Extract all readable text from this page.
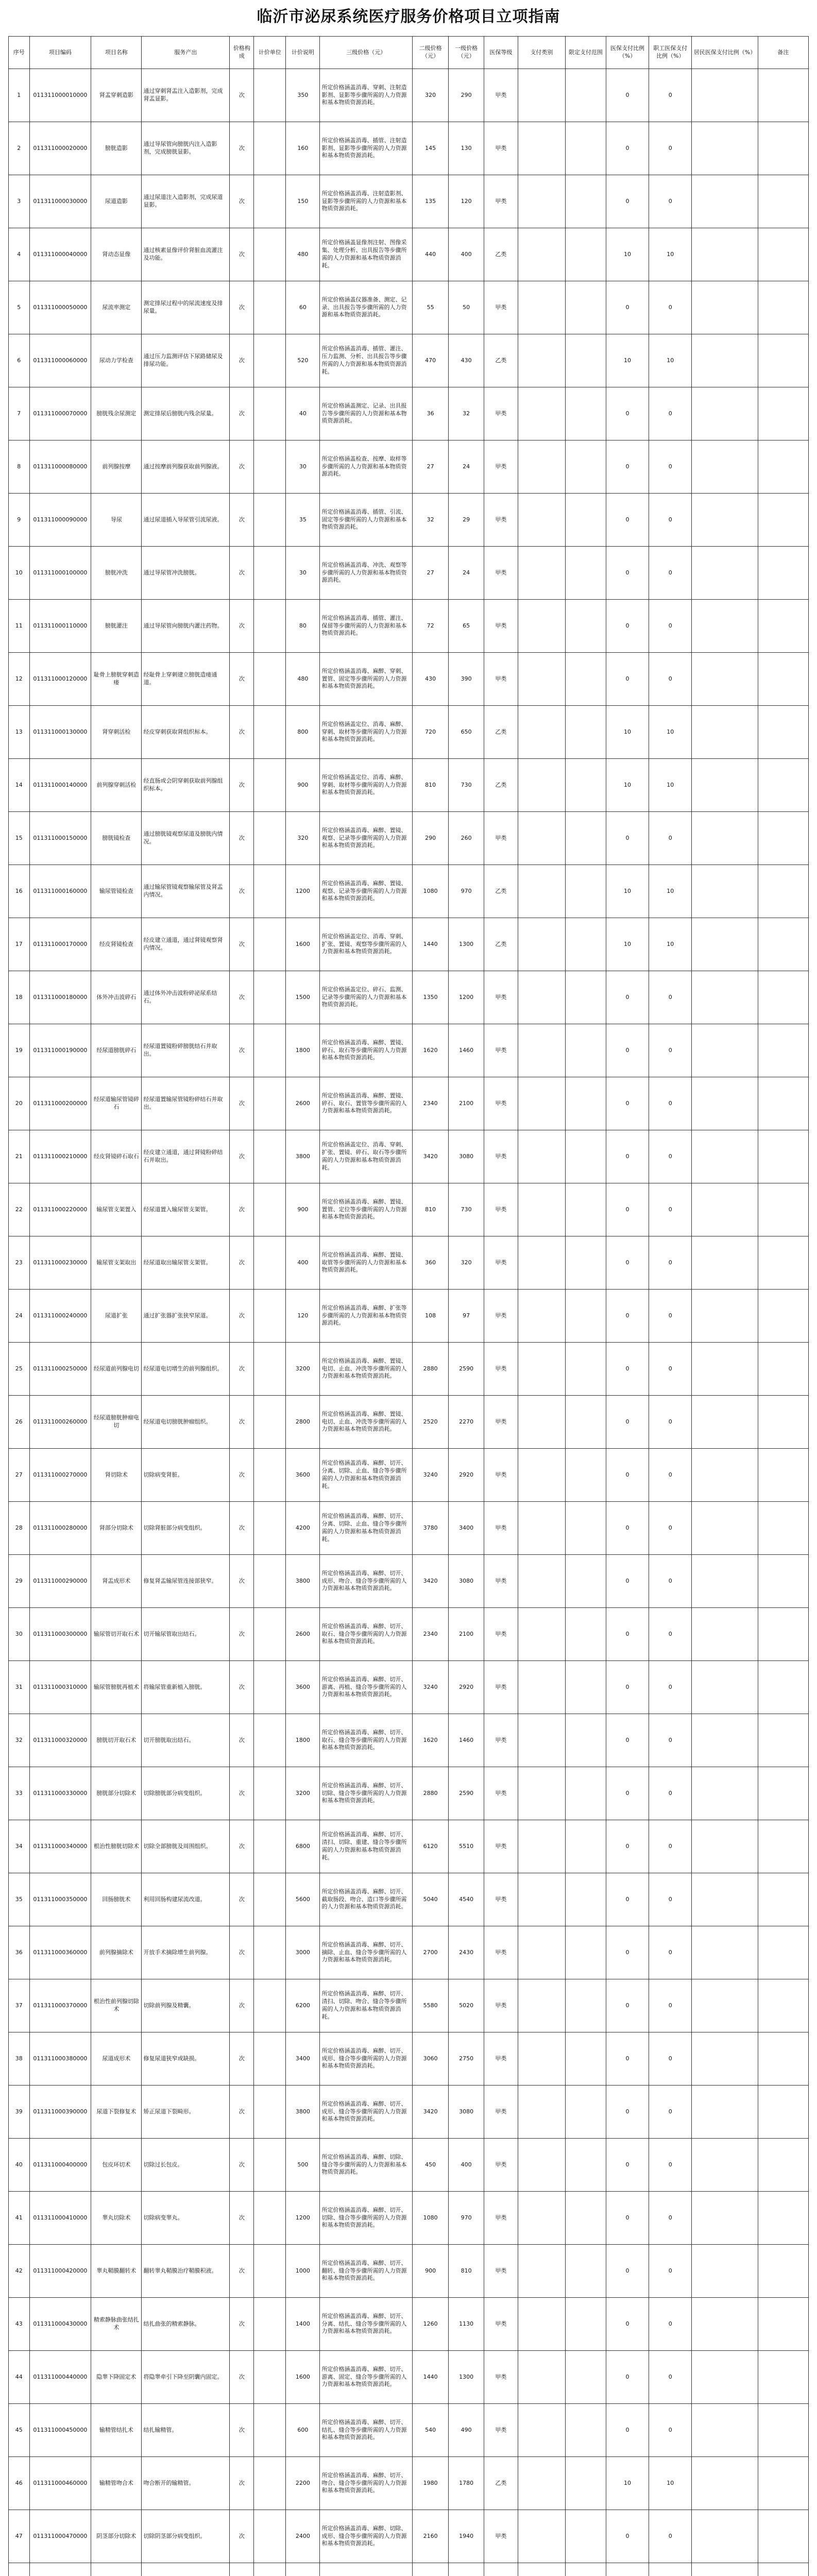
临沂市泌尿系统医疗服务价格项目立项指南
序号	项目编码	项目名称	服务产出	价格构成	计价单位	计价说明	三级价格（元）	二级价格（元）	一级价格（元）	医保等级	支付类别	限定支付范围	医保支付比例（%）	职工医保支付比例（%）	居民医保支付比例（%）	备注
1	011311000010000	肾盂穿刺造影	通过穿刺肾盂注入造影剂，完成肾盂显影。	次		350	所定价格涵盖消毒、穿刺、注射造影剂、显影等步骤所需的人力资源和基本物质资源消耗。	320	290	甲类			0	0		
2	011311000020000	膀胱造影	通过导尿管向膀胱内注入造影剂，完成膀胱显影。	次		160	所定价格涵盖消毒、插管、注射造影剂、显影等步骤所需的人力资源和基本物质资源消耗。	145	130	甲类			0	0		
3	011311000030000	尿道造影	通过尿道注入造影剂，完成尿道显影。	次		150	所定价格涵盖消毒、注射造影剂、显影等步骤所需的人力资源和基本物质资源消耗。	135	120	甲类			0	0		
4	011311000040000	肾动态显像	通过核素显像评价肾脏血流灌注及功能。	次		480	所定价格涵盖显像剂注射、图像采集、处理分析、出具报告等步骤所需的人力资源和基本物质资源消耗。	440	400	乙类			10	10		
5	011311000050000	尿流率测定	测定排尿过程中的尿流速度及排尿量。	次		60	所定价格涵盖仪器准备、测定、记录、出具报告等步骤所需的人力资源和基本物质资源消耗。	55	50	甲类			0	0		
6	011311000060000	尿动力学检查	通过压力监测评估下尿路储尿及排尿功能。	次		520	所定价格涵盖消毒、插管、灌注、压力监测、分析、出具报告等步骤所需的人力资源和基本物质资源消耗。	470	430	乙类			10	10		
7	011311000070000	膀胱残余尿测定	测定排尿后膀胱内残余尿量。	次		40	所定价格涵盖测定、记录、出具报告等步骤所需的人力资源和基本物质资源消耗。	36	32	甲类			0	0		
8	011311000080000	前列腺按摩	通过按摩前列腺获取前列腺液。	次		30	所定价格涵盖检查、按摩、取样等步骤所需的人力资源和基本物质资源消耗。	27	24	甲类			0	0		
9	011311000090000	导尿	通过尿道插入导尿管引流尿液。	次		35	所定价格涵盖消毒、插管、引流、固定等步骤所需的人力资源和基本物质资源消耗。	32	29	甲类			0	0		
10	011311000100000	膀胱冲洗	通过导尿管冲洗膀胱。	次		30	所定价格涵盖消毒、冲洗、观察等步骤所需的人力资源和基本物质资源消耗。	27	24	甲类			0	0		
11	011311000110000	膀胱灌注	通过导尿管向膀胱内灌注药物。	次		80	所定价格涵盖消毒、插管、灌注、保留等步骤所需的人力资源和基本物质资源消耗。	72	65	甲类			0	0		
12	011311000120000	耻骨上膀胱穿刺造瘘	经耻骨上穿刺建立膀胱造瘘通道。	次		480	所定价格涵盖消毒、麻醉、穿刺、置管、固定等步骤所需的人力资源和基本物质资源消耗。	430	390	甲类			0	0		
13	011311000130000	肾穿刺活检	经皮穿刺获取肾组织标本。	次		800	所定价格涵盖定位、消毒、麻醉、穿刺、取材等步骤所需的人力资源和基本物质资源消耗。	720	650	乙类			10	10		
14	011311000140000	前列腺穿刺活检	经直肠或会阴穿刺获取前列腺组织标本。	次		900	所定价格涵盖定位、消毒、麻醉、穿刺、取材等步骤所需的人力资源和基本物质资源消耗。	810	730	乙类			10	10		
15	011311000150000	膀胱镜检查	通过膀胱镜观察尿道及膀胱内情况。	次		320	所定价格涵盖消毒、麻醉、置镜、观察、记录等步骤所需的人力资源和基本物质资源消耗。	290	260	甲类			0	0		
16	011311000160000	输尿管镜检查	通过输尿管镜观察输尿管及肾盂内情况。	次		1200	所定价格涵盖消毒、麻醉、置镜、观察、记录等步骤所需的人力资源和基本物质资源消耗。	1080	970	乙类			10	10		
17	011311000170000	经皮肾镜检查	经皮建立通道，通过肾镜观察肾内情况。	次		1600	所定价格涵盖定位、消毒、穿刺、扩张、置镜、观察等步骤所需的人力资源和基本物质资源消耗。	1440	1300	乙类			10	10		
18	011311000180000	体外冲击波碎石	通过体外冲击波粉碎泌尿系结石。	次		1500	所定价格涵盖定位、碎石、监测、记录等步骤所需的人力资源和基本物质资源消耗。	1350	1200	甲类			0	0		
19	011311000190000	经尿道膀胱碎石	经尿道置镜粉碎膀胱结石并取出。	次		1800	所定价格涵盖消毒、麻醉、置镜、碎石、取石等步骤所需的人力资源和基本物质资源消耗。	1620	1460	甲类			0	0		
20	011311000200000	经尿道输尿管镜碎石	经尿道置输尿管镜粉碎结石并取出。	次		2600	所定价格涵盖消毒、麻醉、置镜、碎石、取石、置管等步骤所需的人力资源和基本物质资源消耗。	2340	2100	甲类			0	0		
21	011311000210000	经皮肾镜碎石取石	经皮建立通道，通过肾镜粉碎结石并取出。	次		3800	所定价格涵盖定位、消毒、穿刺、扩张、置镜、碎石、取石等步骤所需的人力资源和基本物质资源消耗。	3420	3080	甲类			0	0		
22	011311000220000	输尿管支架置入	经尿道置入输尿管支架管。	次		900	所定价格涵盖消毒、麻醉、置镜、置管、定位等步骤所需的人力资源和基本物质资源消耗。	810	730	甲类			0	0		
23	011311000230000	输尿管支架取出	经尿道取出输尿管支架管。	次		400	所定价格涵盖消毒、麻醉、置镜、取管等步骤所需的人力资源和基本物质资源消耗。	360	320	甲类			0	0		
24	011311000240000	尿道扩张	通过扩张器扩张狭窄尿道。	次		120	所定价格涵盖消毒、麻醉、扩张等步骤所需的人力资源和基本物质资源消耗。	108	97	甲类			0	0		
25	011311000250000	经尿道前列腺电切	经尿道电切增生的前列腺组织。	次		3200	所定价格涵盖消毒、麻醉、置镜、电切、止血、冲洗等步骤所需的人力资源和基本物质资源消耗。	2880	2590	甲类			0	0		
26	011311000260000	经尿道膀胱肿瘤电切	经尿道电切膀胱肿瘤组织。	次		2800	所定价格涵盖消毒、麻醉、置镜、电切、止血、冲洗等步骤所需的人力资源和基本物质资源消耗。	2520	2270	甲类			0	0		
27	011311000270000	肾切除术	切除病变肾脏。	次		3600	所定价格涵盖消毒、麻醉、切开、分离、切除、止血、缝合等步骤所需的人力资源和基本物质资源消耗。	3240	2920	甲类			0	0		
28	011311000280000	肾部分切除术	切除肾脏部分病变组织。	次		4200	所定价格涵盖消毒、麻醉、切开、分离、切除、止血、缝合等步骤所需的人力资源和基本物质资源消耗。	3780	3400	甲类			0	0		
29	011311000290000	肾盂成形术	修复肾盂输尿管连接部狭窄。	次		3800	所定价格涵盖消毒、麻醉、切开、成形、吻合、缝合等步骤所需的人力资源和基本物质资源消耗。	3420	3080	甲类			0	0		
30	011311000300000	输尿管切开取石术	切开输尿管取出结石。	次		2600	所定价格涵盖消毒、麻醉、切开、取石、缝合等步骤所需的人力资源和基本物质资源消耗。	2340	2100	甲类			0	0		
31	011311000310000	输尿管膀胱再植术	将输尿管重新植入膀胱。	次		3600	所定价格涵盖消毒、麻醉、切开、游离、再植、缝合等步骤所需的人力资源和基本物质资源消耗。	3240	2920	甲类			0	0		
32	011311000320000	膀胱切开取石术	切开膀胱取出结石。	次		1800	所定价格涵盖消毒、麻醉、切开、取石、缝合等步骤所需的人力资源和基本物质资源消耗。	1620	1460	甲类			0	0		
33	011311000330000	膀胱部分切除术	切除膀胱部分病变组织。	次		3200	所定价格涵盖消毒、麻醉、切开、切除、缝合等步骤所需的人力资源和基本物质资源消耗。	2880	2590	甲类			0	0		
34	011311000340000	根治性膀胱切除术	切除全部膀胱及周围组织。	次		6800	所定价格涵盖消毒、麻醉、切开、清扫、切除、重建、缝合等步骤所需的人力资源和基本物质资源消耗。	6120	5510	甲类			0	0		
35	011311000350000	回肠膀胱术	利用回肠构建尿流改道。	次		5600	所定价格涵盖消毒、麻醉、切开、截取肠段、吻合、造口等步骤所需的人力资源和基本物质资源消耗。	5040	4540	甲类			0	0		
36	011311000360000	前列腺摘除术	开放手术摘除增生前列腺。	次		3000	所定价格涵盖消毒、麻醉、切开、摘除、止血、缝合等步骤所需的人力资源和基本物质资源消耗。	2700	2430	甲类			0	0		
37	011311000370000	根治性前列腺切除术	切除前列腺及精囊。	次		6200	所定价格涵盖消毒、麻醉、切开、清扫、切除、吻合、缝合等步骤所需的人力资源和基本物质资源消耗。	5580	5020	甲类			0	0		
38	011311000380000	尿道成形术	修复尿道狭窄或缺损。	次		3400	所定价格涵盖消毒、麻醉、切开、成形、缝合等步骤所需的人力资源和基本物质资源消耗。	3060	2750	甲类			0	0		
39	011311000390000	尿道下裂修复术	矫正尿道下裂畸形。	次		3800	所定价格涵盖消毒、麻醉、切开、成形、缝合等步骤所需的人力资源和基本物质资源消耗。	3420	3080	甲类			0	0		
40	011311000400000	包皮环切术	切除过长包皮。	次		500	所定价格涵盖消毒、麻醉、切除、缝合等步骤所需的人力资源和基本物质资源消耗。	450	400	甲类			0	0		
41	011311000410000	睾丸切除术	切除病变睾丸。	次		1200	所定价格涵盖消毒、麻醉、切开、切除、缝合等步骤所需的人力资源和基本物质资源消耗。	1080	970	甲类			0	0		
42	011311000420000	睾丸鞘膜翻转术	翻转睾丸鞘膜治疗鞘膜积液。	次		1000	所定价格涵盖消毒、麻醉、切开、翻转、缝合等步骤所需的人力资源和基本物质资源消耗。	900	810	甲类			0	0		
43	011311000430000	精索静脉曲张结扎术	结扎曲张的精索静脉。	次		1400	所定价格涵盖消毒、麻醉、切开、分离、结扎、缝合等步骤所需的人力资源和基本物质资源消耗。	1260	1130	甲类			0	0		
44	011311000440000	隐睾下降固定术	将隐睾牵引下降至阴囊内固定。	次		1600	所定价格涵盖消毒、麻醉、切开、游离、固定、缝合等步骤所需的人力资源和基本物质资源消耗。	1440	1300	甲类			0	0		
45	011311000450000	输精管结扎术	结扎输精管。	次		600	所定价格涵盖消毒、麻醉、切开、结扎、缝合等步骤所需的人力资源和基本物质资源消耗。	540	490	甲类			0	0		
46	011311000460000	输精管吻合术	吻合断开的输精管。	次		2200	所定价格涵盖消毒、麻醉、切开、吻合、缝合等步骤所需的人力资源和基本物质资源消耗。	1980	1780	乙类			10	10		
47	011311000470000	阴茎部分切除术	切除阴茎部分病变组织。	次		2400	所定价格涵盖消毒、麻醉、切除、成形、缝合等步骤所需的人力资源和基本物质资源消耗。	2160	1940	甲类			0	0		
